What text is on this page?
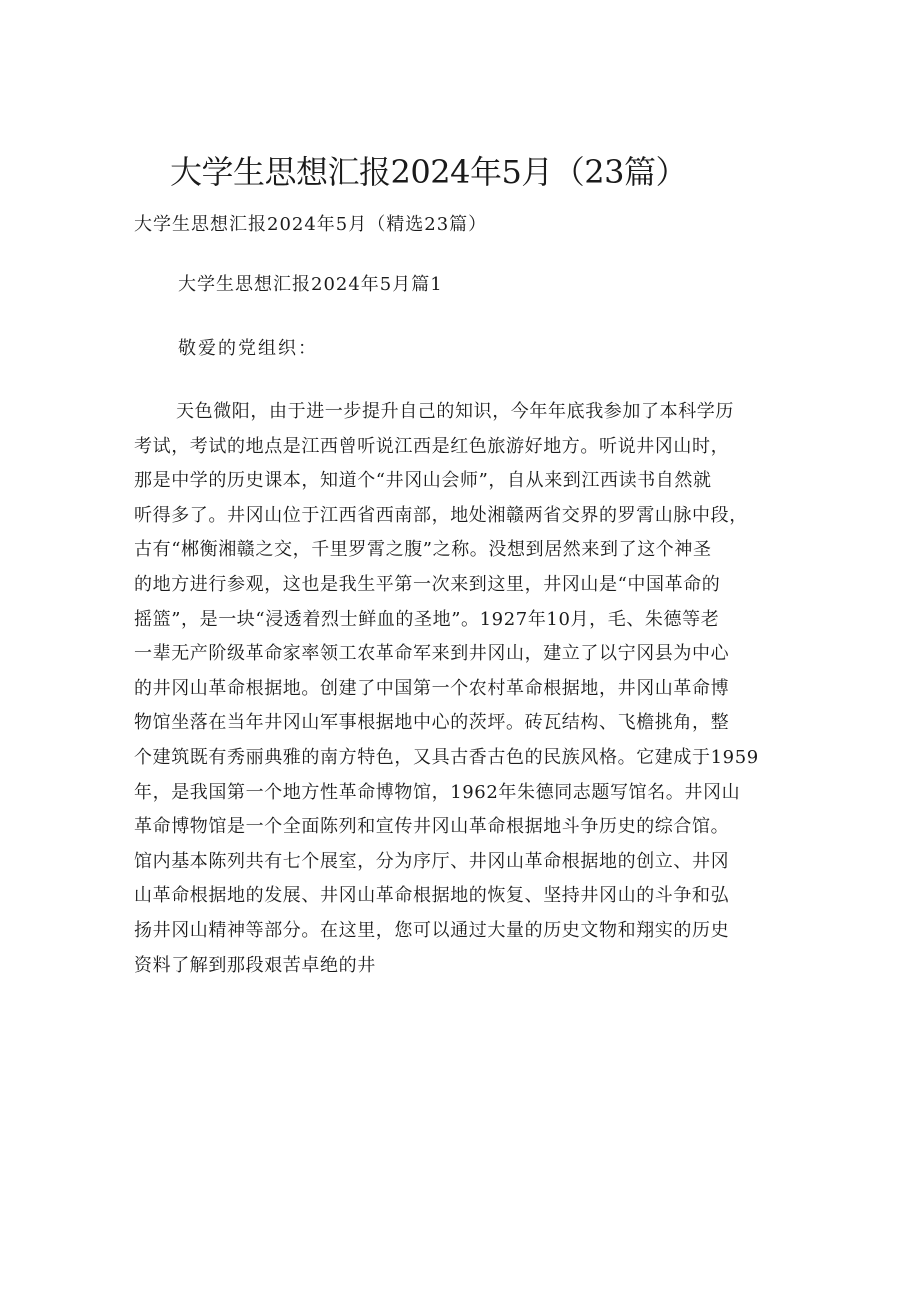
大学生思想汇报2024年5月（23篇）
大学生思想汇报2024年5月（精选23篇）
大学生思想汇报2024年5月篇1
敬爱的党组织：
天色微阳，由于进一步提升自己的知识，今年年底我参加了本科学历
考试，考试的地点是江西曾听说江西是红色旅游好地方。听说井冈山时，
那是中学的历史课本，知道个“井冈山会师”，自从来到江西读书自然就
听得多了。井冈山位于江西省西南部，地处湘赣两省交界的罗霄山脉中段，
古有“郴衡湘赣之交，千里罗霄之腹”之称。没想到居然来到了这个神圣
的地方进行参观，这也是我生平第一次来到这里，井冈山是“中国革命的
摇篮”，是一块“浸透着烈士鲜血的圣地”。1927年10月，毛、朱德等老
一辈无产阶级革命家率领工农革命军来到井冈山，建立了以宁冈县为中心
的井冈山革命根据地。创建了中国第一个农村革命根据地，井冈山革命博
物馆坐落在当年井冈山军事根据地中心的茨坪。砖瓦结构、飞檐挑角，整
个建筑既有秀丽典雅的南方特色，又具古香古色的民族风格。它建成于1959
年，是我国第一个地方性革命博物馆，1962年朱德同志题写馆名。井冈山
革命博物馆是一个全面陈列和宣传井冈山革命根据地斗争历史的综合馆。
馆内基本陈列共有七个展室，分为序厅、井冈山革命根据地的创立、井冈
山革命根据地的发展、井冈山革命根据地的恢复、坚持井冈山的斗争和弘
扬井冈山精神等部分。在这里，您可以通过大量的历史文物和翔实的历史
资料了解到那段艰苦卓绝的井
